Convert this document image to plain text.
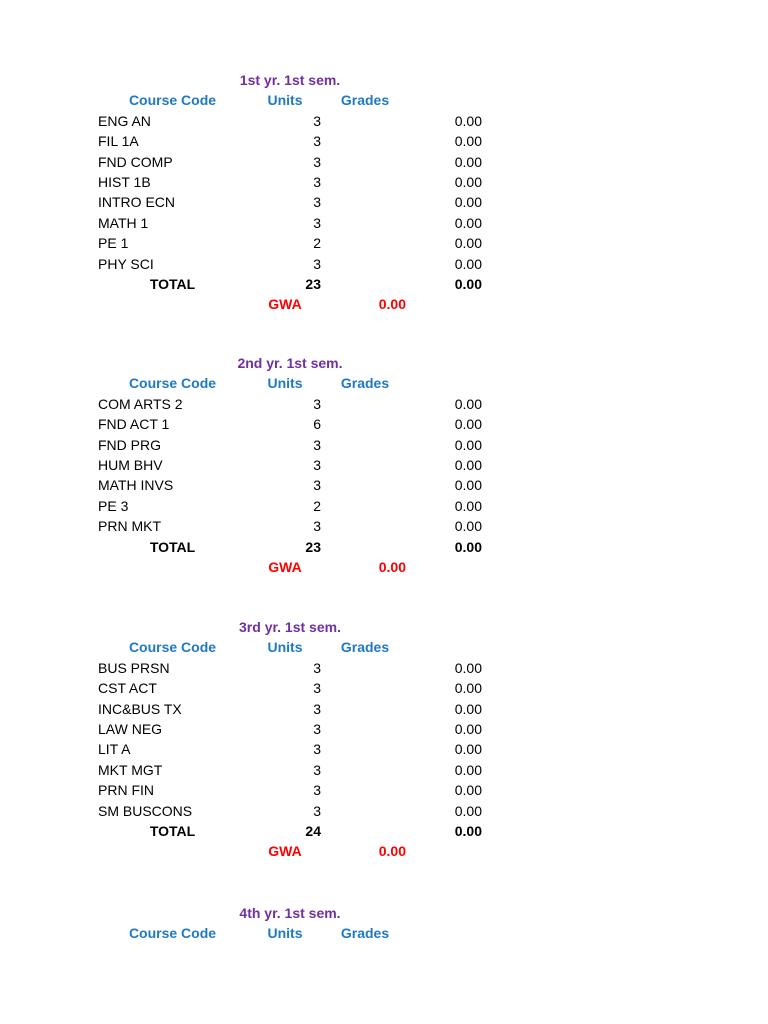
1st yr. 1st sem.
Course Code	Units	Grades
ENG AN	3	0.00
FIL 1A	3	0.00
FND COMP	3	0.00
HIST 1B	3	0.00
INTRO ECN	3	0.00
MATH 1	3	0.00
PE 1	2	0.00
PHY SCI	3	0.00
TOTAL	23	0.00
GWA	0.00
2nd yr. 1st sem.
Course Code	Units	Grades
COM ARTS 2	3	0.00
FND ACT 1	6	0.00
FND PRG	3	0.00
HUM BHV	3	0.00
MATH INVS	3	0.00
PE 3	2	0.00
PRN MKT	3	0.00
TOTAL	23	0.00
GWA	0.00
3rd yr. 1st sem.
Course Code	Units	Grades
BUS PRSN	3	0.00
CST ACT	3	0.00
INC&BUS TX	3	0.00
LAW NEG	3	0.00
LIT A	3	0.00
MKT MGT	3	0.00
PRN FIN	3	0.00
SM BUSCONS	3	0.00
TOTAL	24	0.00
GWA	0.00
4th yr. 1st sem.
Course Code	Units	Grades
